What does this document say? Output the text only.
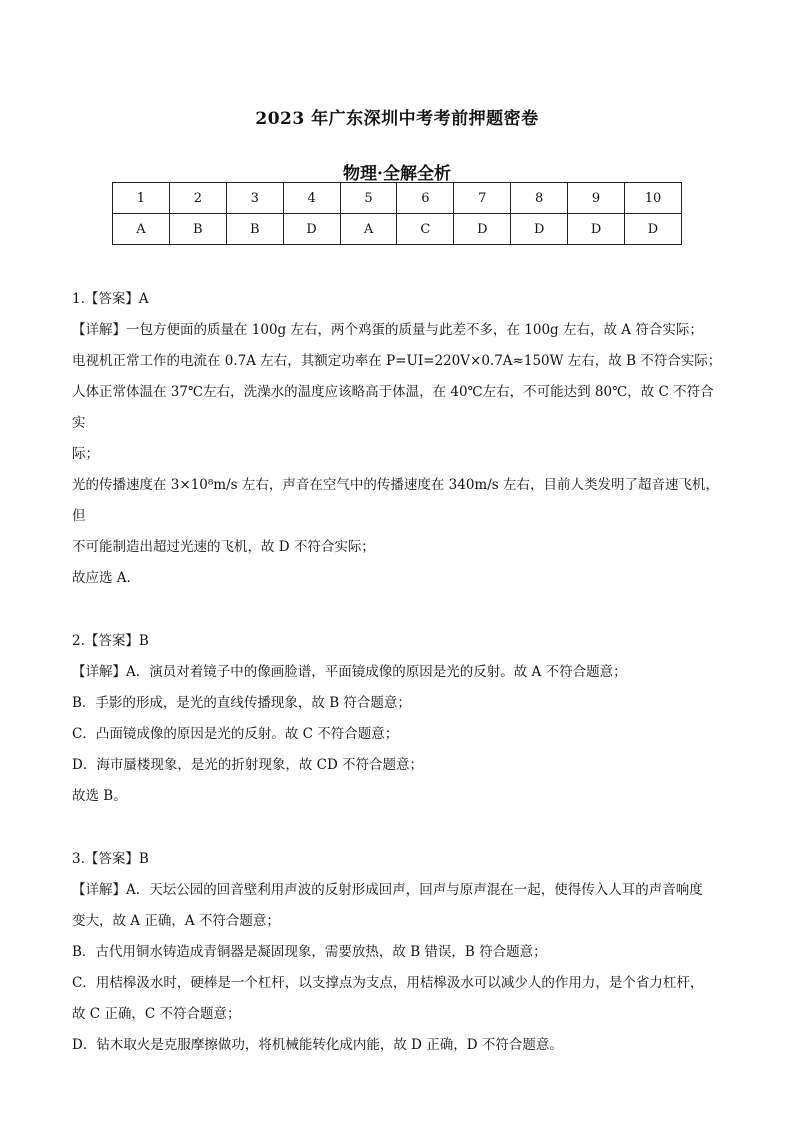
2023 年广东深圳中考考前押题密卷
物理·全解全析
1	2	3	4	5	6	7	8	9	10
A	B	B	D	A	C	D	D	D	D

1.【答案】A

【详解】一包方便面的质量在 100g 左右，两个鸡蛋的质量与此差不多，在 100g 左右，故 A 符合实际；

电视机正常工作的电流在 0.7A 左右，其额定功率在 P=UI=220V×0.7A≈150W 左右，故 B 不符合实际；

人体正常体温在 37℃左右，洗澡水的温度应该略高于体温，在 40℃左右，不可能达到 80℃，故 C 不符合实

际；

光的传播速度在 3×10⁸m/s 左右，声音在空气中的传播速度在 340m/s 左右，目前人类发明了超音速飞机，但

不可能制造出超过光速的飞机，故 D 不符合实际；

故应选 A．

2.【答案】B

【详解】A．演员对着镜子中的像画脸谱，平面镜成像的原因是光的反射。故 A 不符合题意；

B．手影的形成，是光的直线传播现象，故 B 符合题意；

C．凸面镜成像的原因是光的反射。故 C 不符合题意；

D．海市蜃楼现象，是光的折射现象，故 CD 不符合题意；

故选 B。

3.【答案】B

【详解】A．天坛公园的回音壁利用声波的反射形成回声，回声与原声混在一起，使得传入人耳的声音响度

变大，故 A 正确，A 不符合题意；

B．古代用铜水铸造成青铜器是凝固现象，需要放热，故 B 错误，B 符合题意；

C．用桔槔汲水时，硬棒是一个杠杆，以支撑点为支点，用桔槔汲水可以减少人的作用力，是个省力杠杆，

故 C 正确，C 不符合题意；

D．钻木取火是克服摩擦做功，将机械能转化成内能，故 D 正确，D 不符合题意。
